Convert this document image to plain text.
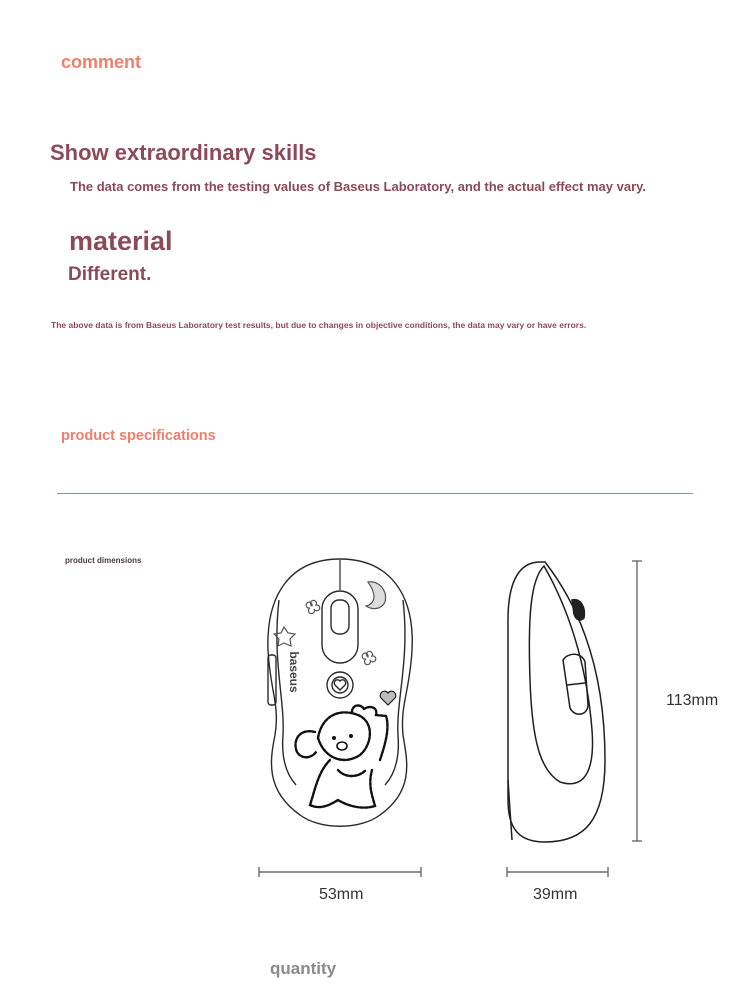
comment
Show extraordinary skills
The data comes from the testing values of Baseus Laboratory, and the actual effect may vary.
material
Different.
The above data is from Baseus Laboratory test results, but due to changes in objective conditions, the data may vary or have errors.
product specifications
product dimensions
baseus
53mm	39mm
113mm
quantity
